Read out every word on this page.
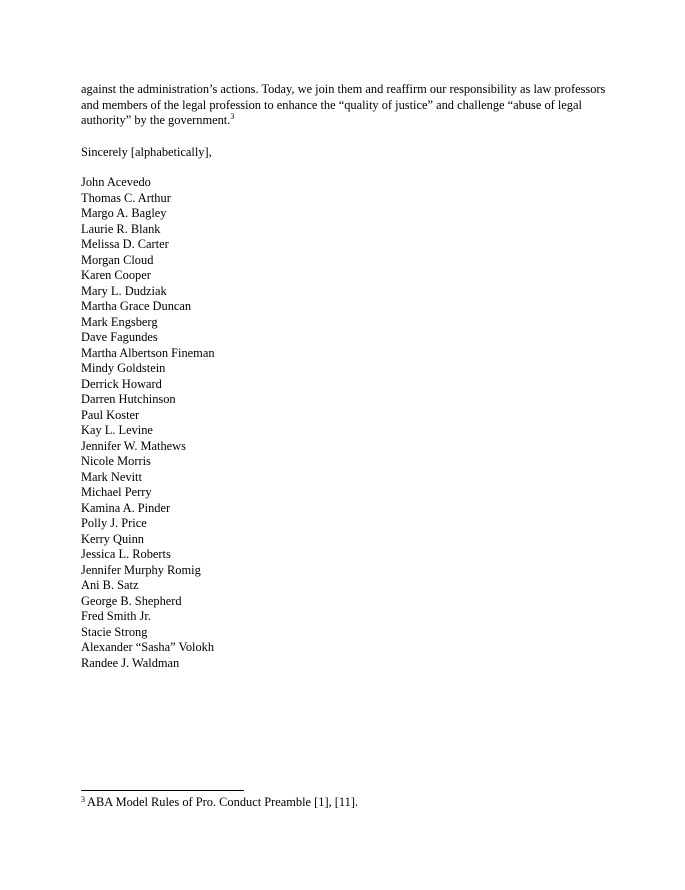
against the administration’s actions. Today, we join them and reaffirm our responsibility as law professors and members of the legal profession to enhance the “quality of justice” and challenge “abuse of legal authority” by the government.$^3$

Sincerely [alphabetically],

John Acevedo
Thomas C. Arthur
Margo A. Bagley
Laurie R. Blank
Melissa D. Carter
Morgan Cloud
Karen Cooper
Mary L. Dudziak
Martha Grace Duncan
Mark Engsberg
Dave Fagundes
Martha Albertson Fineman
Mindy Goldstein
Derrick Howard
Darren Hutchinson
Paul Koster
Kay L. Levine
Jennifer W. Mathews
Nicole Morris
Mark Nevitt
Michael Perry
Kamina A. Pinder
Polly J. Price
Kerry Quinn
Jessica L. Roberts
Jennifer Murphy Romig
Ani B. Satz
George B. Shepherd
Fred Smith Jr.
Stacie Strong
Alexander “Sasha” Volokh
Randee J. Waldman
$^3$ ABA Model Rules of Pro. Conduct Preamble [1], [11].
